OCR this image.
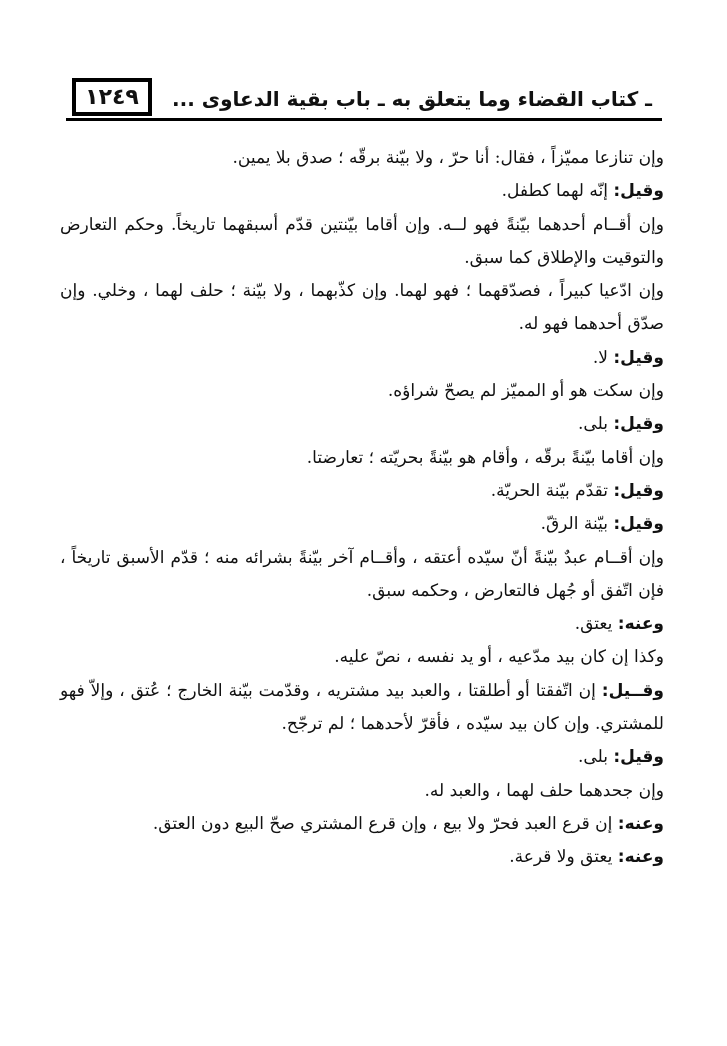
١٢٤٩	ـ كتاب القضاء وما يتعلق به ـ باب بقية الدعاوى ...

وإن تنازعا مميّزاً ، فقال: أنا حرّ ، ولا بيّنة برقّه ؛ صدق بلا يمين.

وقيل: إنّه لهما كطفل.

وإن أقــام أحدهما بيّنةً فهو لــه. وإن أقاما بيّنتين قدّم أسبقهما تاريخاً. وحكم التعارض والتوقيت والإطلاق كما سبق.

وإن ادّعيا كبيراً ، فصدّقهما ؛ فهو لهما. وإن كذّبهما ، ولا بيّنة ؛ حلف لهما ، وخلي. وإن صدّق أحدهما فهو له.

وقيل: لا.

وإن سكت هو أو المميّز لم يصحّ شراؤه.

وقيل: بلى.

وإن أقاما بيّنةً برقّه ، وأقام هو بيّنةً بحريّته ؛ تعارضتا.

وقيل: تقدّم بيّنة الحريّة.

وقيل: بيّنة الرقّ.

وإن أقــام عبدٌ بيّنةً أنّ سيّده أعتقه ، وأقــام آخر بيّنةً بشرائه منه ؛ قدّم الأسبق تاريخاً ، فإن اتّفق أو جُهل فالتعارض ، وحكمه سبق.

وعنه: يعتق.

وكذا إن كان بيد مدّعيه ، أو يد نفسه ، نصّ عليه.

وقــيل: إن اتّفقتا أو أطلقتا ، والعبد بيد مشتريه ، وقدّمت بيّنة الخارج ؛ عُتق ، وإلاّ فهو للمشتري. وإن كان بيد سيّده ، فأقرّ لأحدهما ؛ لم ترجّح.

وقيل: بلى.

وإن جحدهما حلف لهما ، والعبد له.

وعنه: إن قرع العبد فحرّ ولا بيع ، وإن قرع المشتري صحّ البيع دون العتق.

وعنه: يعتق ولا قرعة.
